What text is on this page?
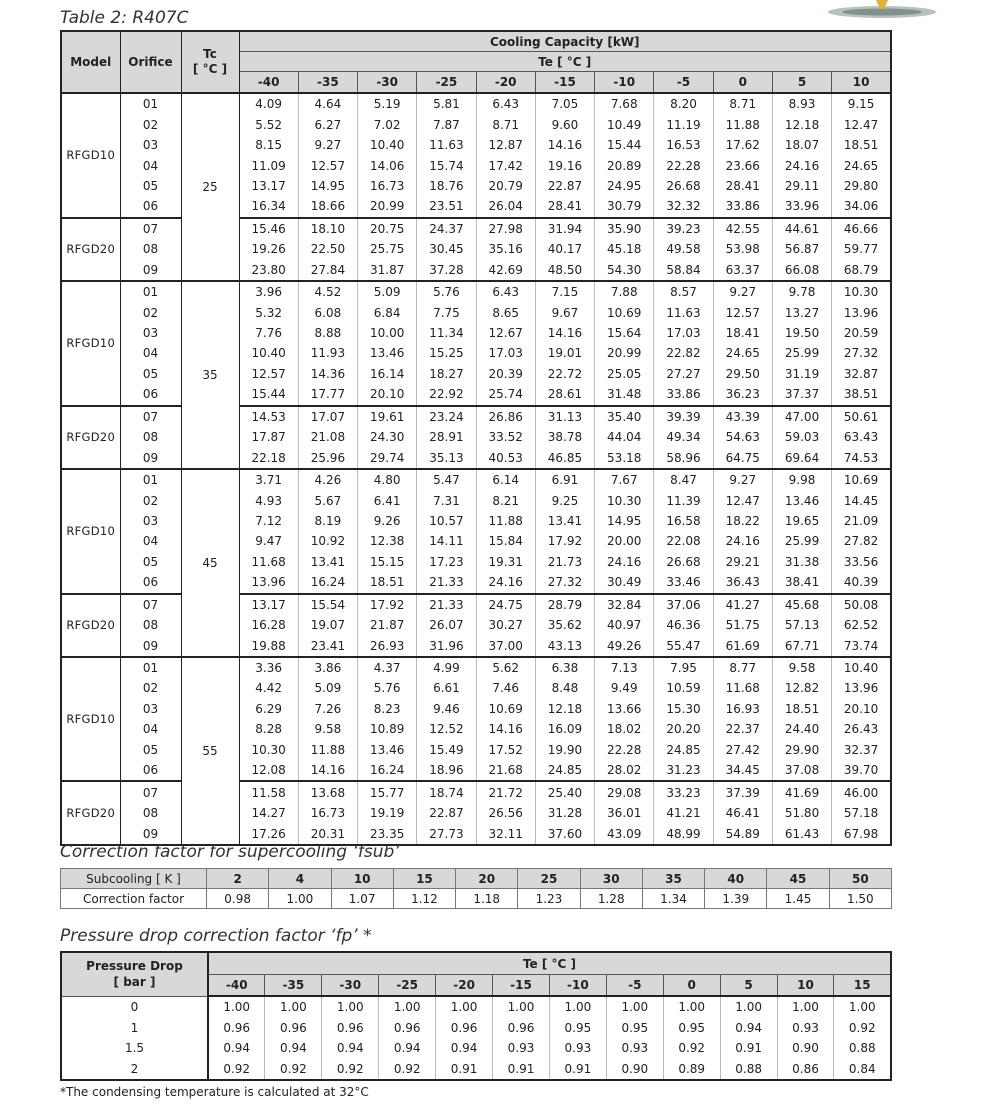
Table 2: R407C
Model	Orifice	Tc
[ °C ]	Cooling Capacity [kW]										
			Te [ °C ]										
			-40	-35	-30	-25	-20	-15	-10	-5	0	5	10
RFGD10	01	25	4.09	4.64	5.19	5.81	6.43	7.05	7.68	8.20	8.71	8.93	9.15
	02		5.52	6.27	7.02	7.87	8.71	9.60	10.49	11.19	11.88	12.18	12.47
	03		8.15	9.27	10.40	11.63	12.87	14.16	15.44	16.53	17.62	18.07	18.51
	04		11.09	12.57	14.06	15.74	17.42	19.16	20.89	22.28	23.66	24.16	24.65
	05		13.17	14.95	16.73	18.76	20.79	22.87	24.95	26.68	28.41	29.11	29.80
	06		16.34	18.66	20.99	23.51	26.04	28.41	30.79	32.32	33.86	33.96	34.06
RFGD20	07		15.46	18.10	20.75	24.37	27.98	31.94	35.90	39.23	42.55	44.61	46.66
	08		19.26	22.50	25.75	30.45	35.16	40.17	45.18	49.58	53.98	56.87	59.77
	09		23.80	27.84	31.87	37.28	42.69	48.50	54.30	58.84	63.37	66.08	68.79
RFGD10	01	35	3.96	4.52	5.09	5.76	6.43	7.15	7.88	8.57	9.27	9.78	10.30
	02		5.32	6.08	6.84	7.75	8.65	9.67	10.69	11.63	12.57	13.27	13.96
	03		7.76	8.88	10.00	11.34	12.67	14.16	15.64	17.03	18.41	19.50	20.59
	04		10.40	11.93	13.46	15.25	17.03	19.01	20.99	22.82	24.65	25.99	27.32
	05		12.57	14.36	16.14	18.27	20.39	22.72	25.05	27.27	29.50	31.19	32.87
	06		15.44	17.77	20.10	22.92	25.74	28.61	31.48	33.86	36.23	37.37	38.51
RFGD20	07		14.53	17.07	19.61	23.24	26.86	31.13	35.40	39.39	43.39	47.00	50.61
	08		17.87	21.08	24.30	28.91	33.52	38.78	44.04	49.34	54.63	59.03	63.43
	09		22.18	25.96	29.74	35.13	40.53	46.85	53.18	58.96	64.75	69.64	74.53
RFGD10	01	45	3.71	4.26	4.80	5.47	6.14	6.91	7.67	8.47	9.27	9.98	10.69
	02		4.93	5.67	6.41	7.31	8.21	9.25	10.30	11.39	12.47	13.46	14.45
	03		7.12	8.19	9.26	10.57	11.88	13.41	14.95	16.58	18.22	19.65	21.09
	04		9.47	10.92	12.38	14.11	15.84	17.92	20.00	22.08	24.16	25.99	27.82
	05		11.68	13.41	15.15	17.23	19.31	21.73	24.16	26.68	29.21	31.38	33.56
	06		13.96	16.24	18.51	21.33	24.16	27.32	30.49	33.46	36.43	38.41	40.39
RFGD20	07		13.17	15.54	17.92	21.33	24.75	28.79	32.84	37.06	41.27	45.68	50.08
	08		16.28	19.07	21.87	26.07	30.27	35.62	40.97	46.36	51.75	57.13	62.52
	09		19.88	23.41	26.93	31.96	37.00	43.13	49.26	55.47	61.69	67.71	73.74
RFGD10	01	55	3.36	3.86	4.37	4.99	5.62	6.38	7.13	7.95	8.77	9.58	10.40
	02		4.42	5.09	5.76	6.61	7.46	8.48	9.49	10.59	11.68	12.82	13.96
	03		6.29	7.26	8.23	9.46	10.69	12.18	13.66	15.30	16.93	18.51	20.10
	04		8.28	9.58	10.89	12.52	14.16	16.09	18.02	20.20	22.37	24.40	26.43
	05		10.30	11.88	13.46	15.49	17.52	19.90	22.28	24.85	27.42	29.90	32.37
	06		12.08	14.16	16.24	18.96	21.68	24.85	28.02	31.23	34.45	37.08	39.70
RFGD20	07		11.58	13.68	15.77	18.74	21.72	25.40	29.08	33.23	37.39	41.69	46.00
	08		14.27	16.73	19.19	22.87	26.56	31.28	36.01	41.21	46.41	51.80	57.18
	09		17.26	20.31	23.35	27.73	32.11	37.60	43.09	48.99	54.89	61.43	67.98
Correction factor for supercooling ‘fsub’
Subcooling [ K ]	2	4	10	15	20	25	30	35	40	45	50
Correction factor	0.98	1.00	1.07	1.12	1.18	1.23	1.28	1.34	1.39	1.45	1.50
Pressure drop correction factor ‘fp’ *
Pressure Drop
[ bar ]	Te [ °C ]											
	-40	-35	-30	-25	-20	-15	-10	-5	0	5	10	15
0	1.00	1.00	1.00	1.00	1.00	1.00	1.00	1.00	1.00	1.00	1.00	1.00
1	0.96	0.96	0.96	0.96	0.96	0.96	0.95	0.95	0.95	0.94	0.93	0.92
1.5	0.94	0.94	0.94	0.94	0.94	0.93	0.93	0.93	0.92	0.91	0.90	0.88
2	0.92	0.92	0.92	0.92	0.91	0.91	0.91	0.90	0.89	0.88	0.86	0.84
*The condensing temperature is calculated at 32°C
